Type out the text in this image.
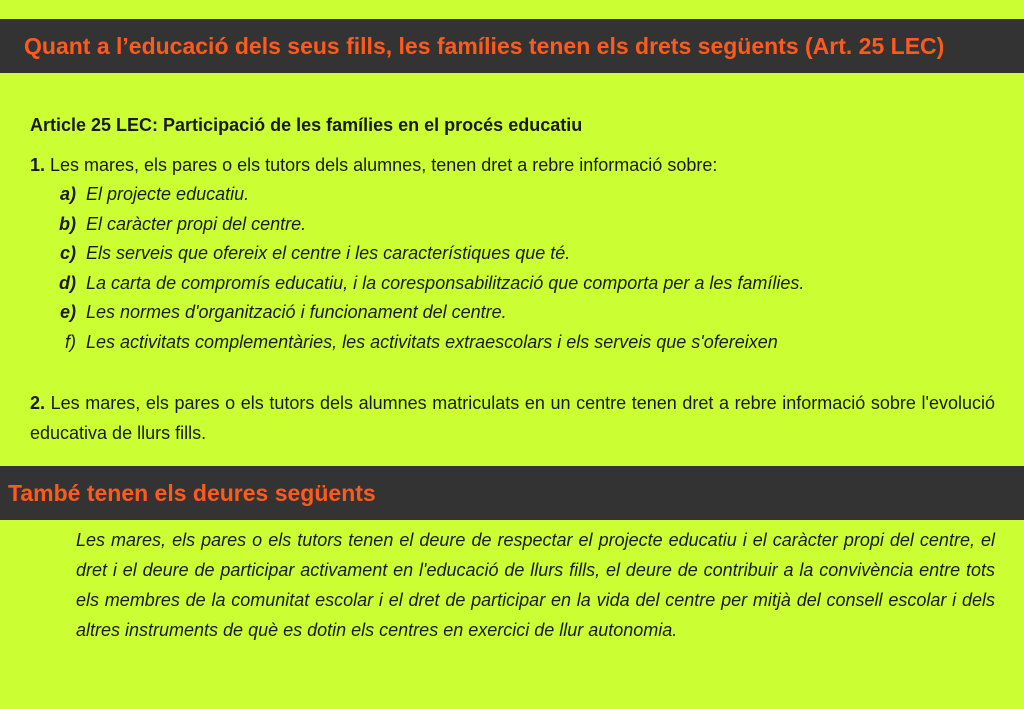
Quant a l’educació dels seus fills, les famílies tenen els drets següents (Art. 25 LEC)

Article 25 LEC: Participació de les famílies en el procés educatiu

1. Les mares, els pares o els tutors dels alumnes, tenen dret a rebre informació sobre:

a)
El projecte educatiu.
b)
El caràcter propi del centre.
c)
Els serveis que ofereix el centre i les característiques que té.
d)
La carta de compromís educatiu, i la coresponsabilització que comporta per a les famílies.
e)
Les normes d'organització i funcionament del centre.
f)
Les activitats complementàries, les activitats extraescolars i els serveis que s'ofereixen

2. Les mares, els pares o els tutors dels alumnes matriculats en un centre tenen dret a rebre informació sobre l'evolució educativa de llurs fills.

També tenen els deures següents

Les mares, els pares o els tutors tenen el deure de respectar el projecte educatiu i el caràcter propi del centre, el dret i el deure de participar activament en l'educació de llurs fills, el deure de contribuir a la convivència entre tots els membres de la comunitat escolar i el dret de participar en la vida del centre per mitjà del consell escolar i dels altres instruments de què es dotin els centres en exercici de llur autonomia.
